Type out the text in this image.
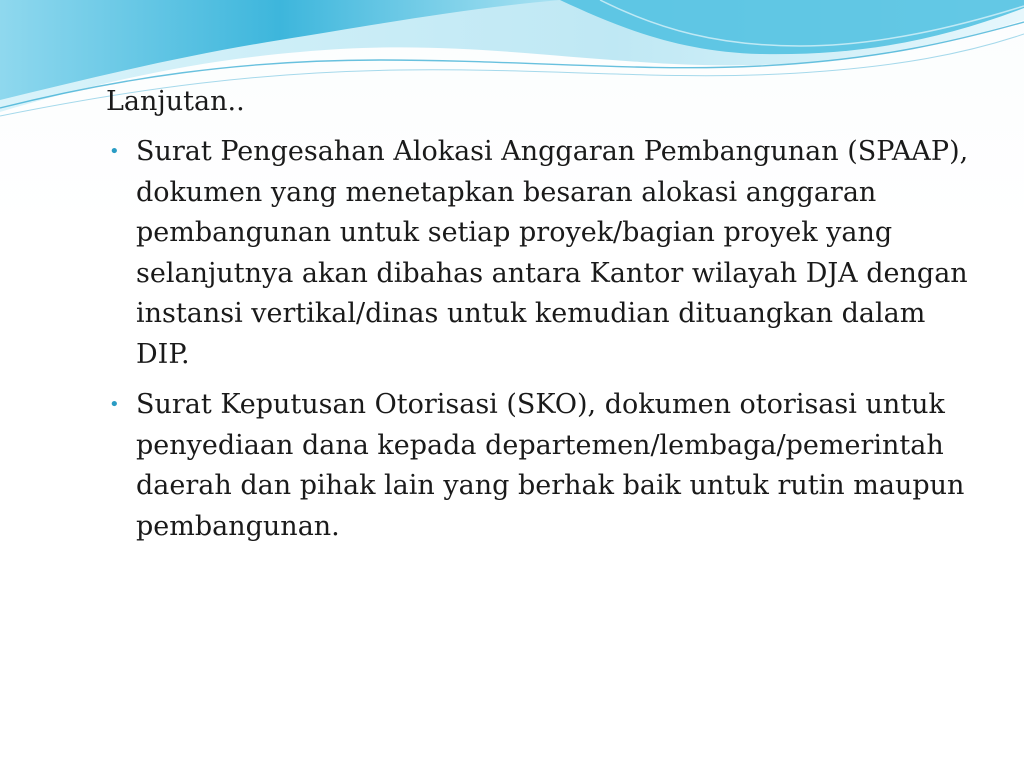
Lanjutan..
• Surat Pengesahan Alokasi Anggaran Pembangunan (SPAAP), dokumen yang menetapkan besaran alokasi anggaran pembangunan untuk setiap proyek/bagian proyek yang selanjutnya akan dibahas antara Kantor wilayah DJA dengan instansi vertikal/dinas untuk kemudian dituangkan dalam DIP.
• Surat Keputusan Otorisasi (SKO), dokumen otorisasi untuk penyediaan dana kepada departemen/lembaga/pemerintah daerah dan pihak lain yang berhak baik untuk rutin maupun pembangunan.
